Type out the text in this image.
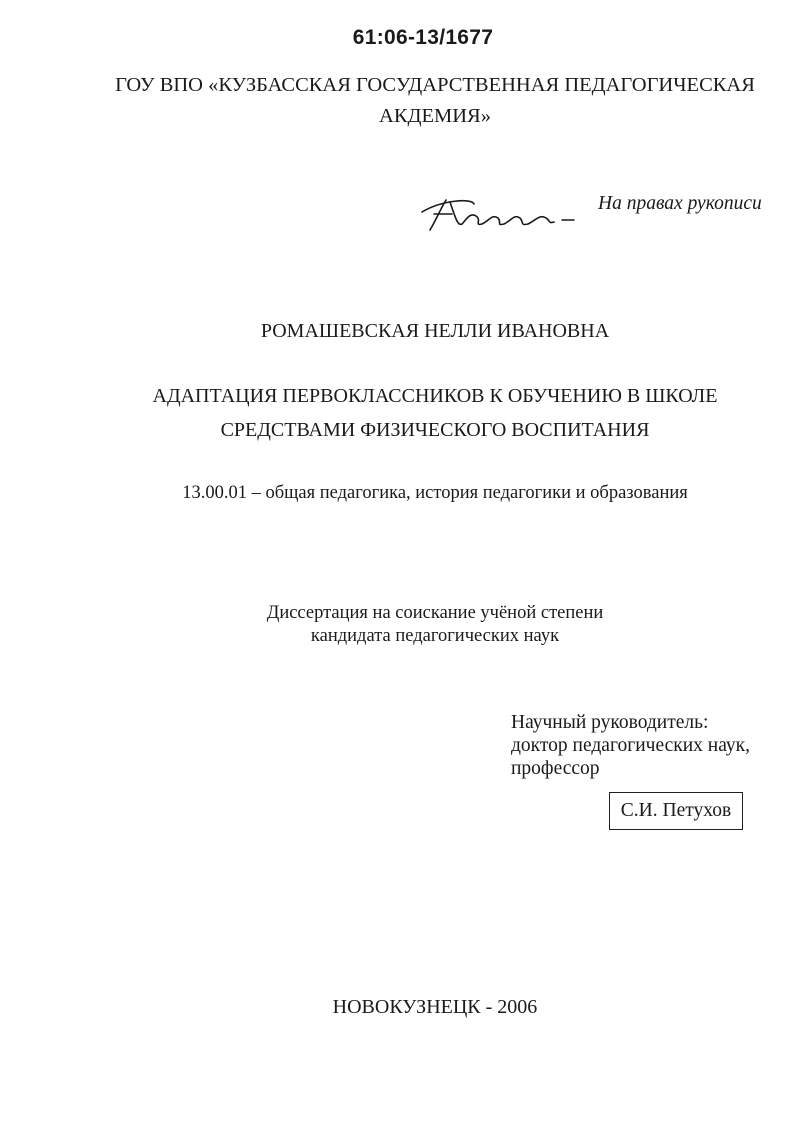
61:06-13/1677
ГОУ ВПО «КУЗБАССКАЯ ГОСУДАРСТВЕННАЯ ПЕДАГОГИЧЕСКАЯ
АКДЕМИЯ»
На правах рукописи
РОМАШЕВСКАЯ НЕЛЛИ ИВАНОВНА
АДАПТАЦИЯ ПЕРВОКЛАССНИКОВ К ОБУЧЕНИЮ В ШКОЛЕ
СРЕДСТВАМИ ФИЗИЧЕСКОГО ВОСПИТАНИЯ
13.00.01 – общая педагогика, история педагогики и образования
Диссертация на соискание учёной степени
кандидата педагогических наук
Научный руководитель:
доктор педагогических наук,
профессор
С.И. Петухов
НОВОКУЗНЕЦК - 2006
